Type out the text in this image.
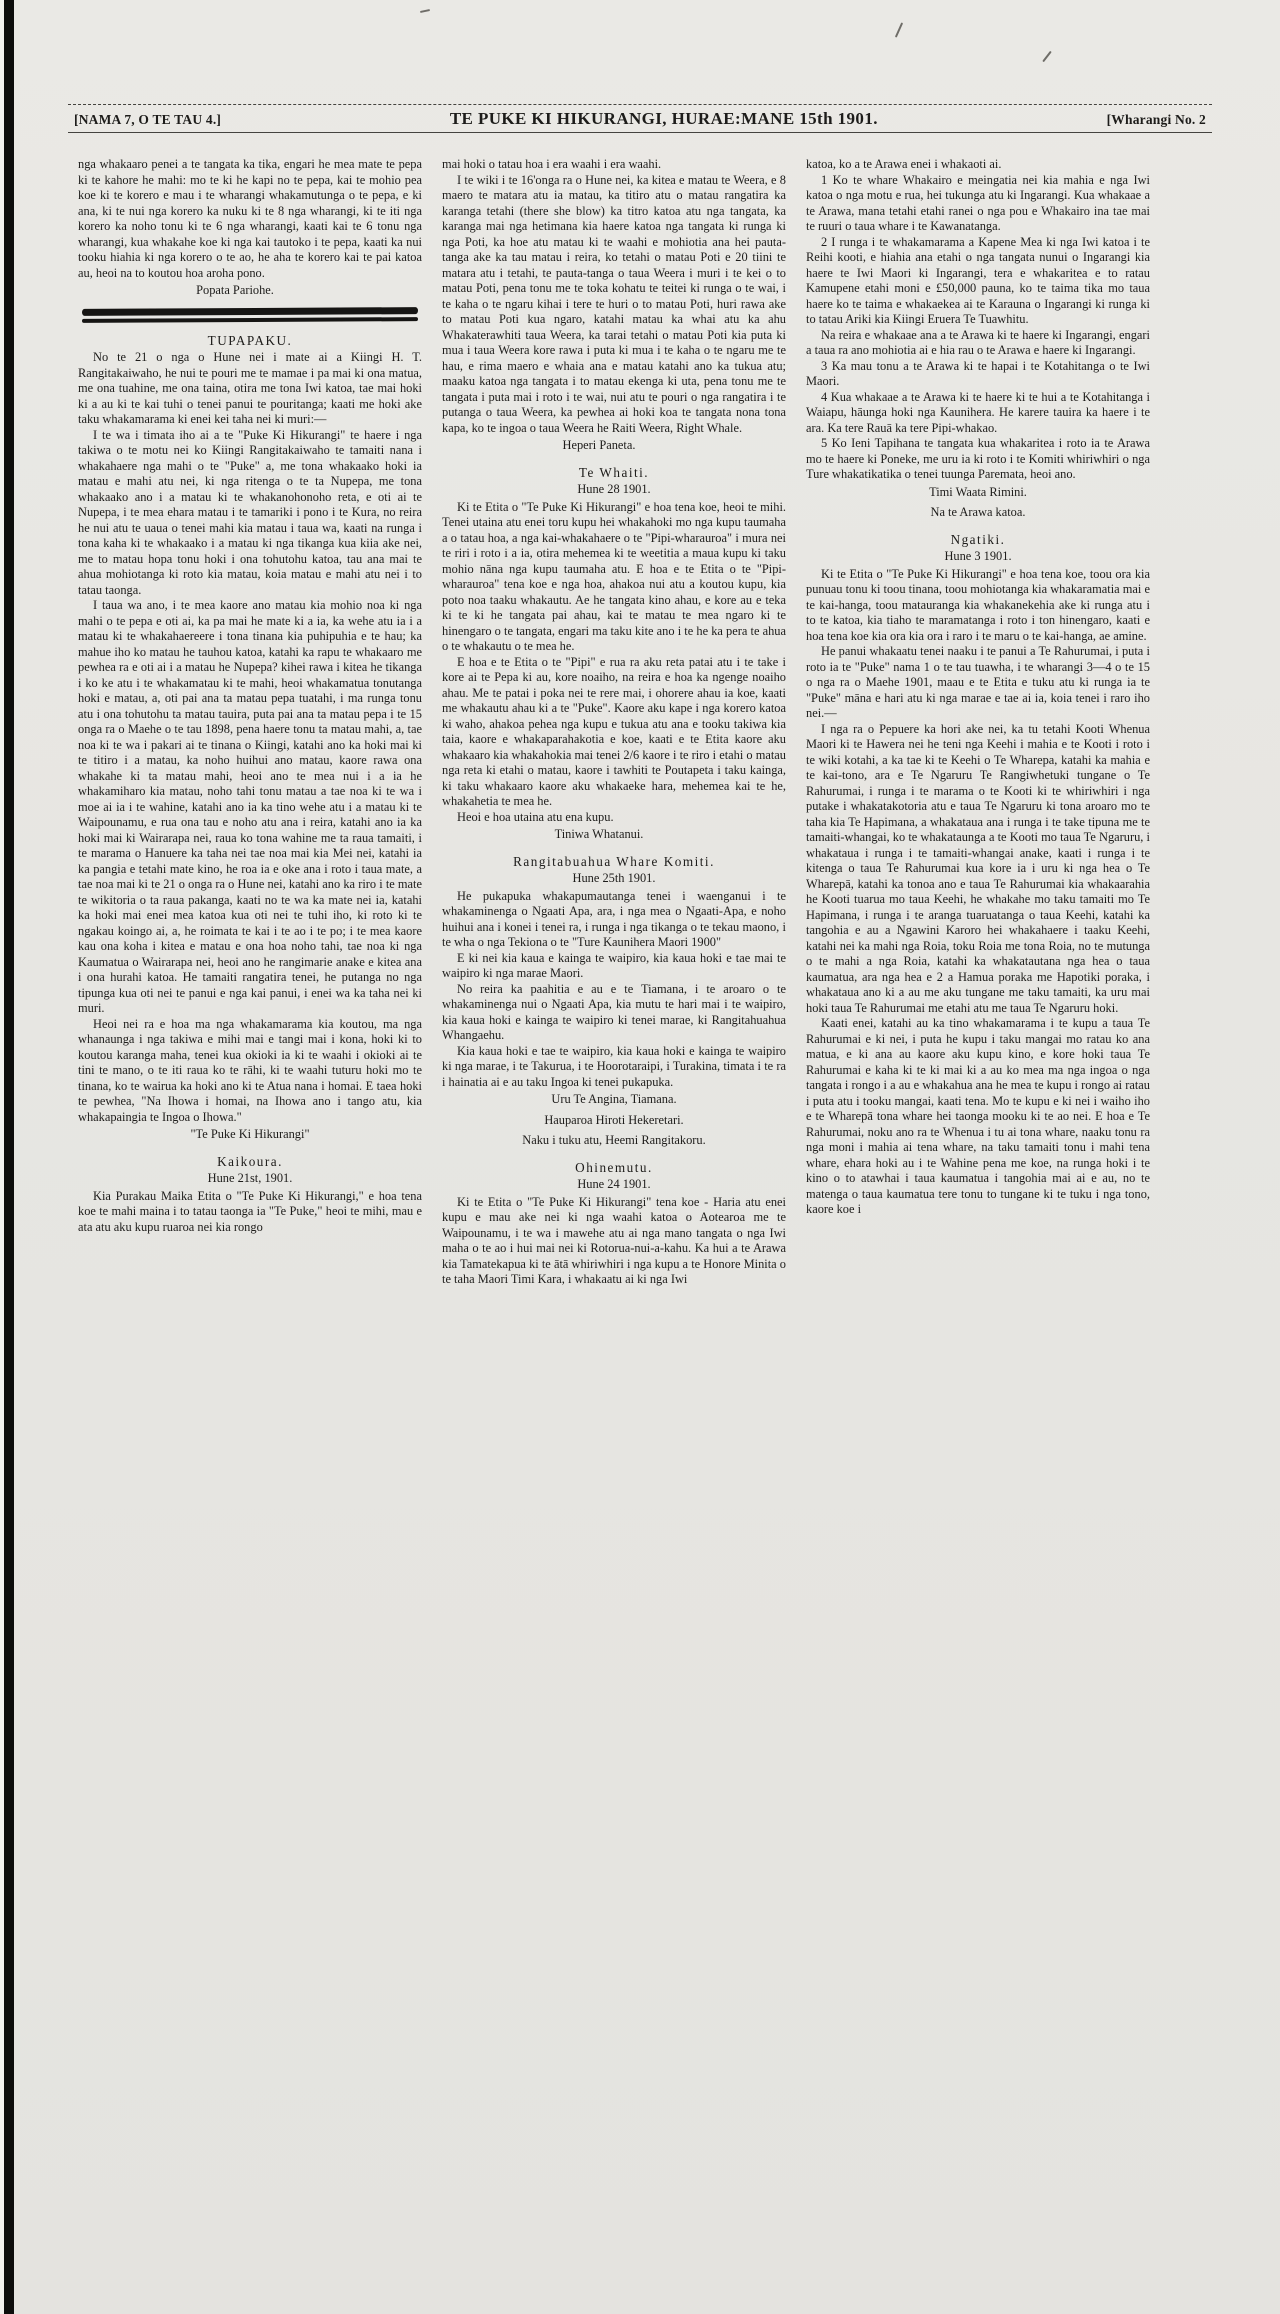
[NAMA 7, O TE TAU 4.]	TE PUKE KI HIKURANGI, HURAE:MANE 15th 1901.	[Wharangi No. 2

nga whakaaro penei a te tangata ka tika, engari he mea mate te pepa ki te kahore he mahi: mo te ki he kapi no te pepa, kai te mohio pea koe ki te korero e mau i te wharangi whakamutunga o te pepa, e ki ana, ki te nui nga korero ka nuku ki te 8 nga wharangi, ki te iti nga korero ka noho tonu ki te 6 nga wharangi, kaati kai te 6 tonu nga wharangi, kua whakahe koe ki nga kai tautoko i te pepa, kaati ka nui tooku hiahia ki nga korero o te ao, he aha te korero kai te pai katoa au, heoi na to koutou hoa aroha pono.

Popata Pariohe.

TUPAPAKU.

No te 21 o nga o Hune nei i mate ai a Kiingi H. T. Rangitakaiwaho, he nui te pouri me te mamae i pa mai ki ona matua, me ona tuahine, me ona taina, otira me tona Iwi katoa, tae mai hoki ki a au ki te kai tuhi o tenei panui te pouritanga; kaati me hoki ake taku whakamarama ki enei kei taha nei ki muri:—

I te wa i timata iho ai a te "Puke Ki Hikurangi" te haere i nga takiwa o te motu nei ko Kiingi Rangitakaiwaho te tamaiti nana i whakahaere nga mahi o te "Puke" a, me tona whakaako hoki ia matau e mahi atu nei, ki nga ritenga o te ta Nupepa, me tona whakaako ano i a matau ki te whakanohonoho reta, e oti ai te Nupepa, i te mea ehara matau i te tamariki i pono i te Kura, no reira he nui atu te uaua o tenei mahi kia matau i taua wa, kaati na runga i tona kaha ki te whakaako i a matau ki nga tikanga kua kiia ake nei, me to matau hopa tonu hoki i ona tohutohu katoa, tau ana mai te ahua mohiotanga ki roto kia matau, koia matau e mahi atu nei i to tatau taonga.

I taua wa ano, i te mea kaore ano matau kia mohio noa ki nga mahi o te pepa e oti ai, ka pa mai he mate ki a ia, ka wehe atu ia i a matau ki te whakahaereere i tona tinana kia puhipuhia e te hau; ka mahue iho ko matau he tauhou katoa, katahi ka rapu te whakaaro me pewhea ra e oti ai i a matau he Nupepa? kihei rawa i kitea he tikanga i ko ke atu i te whakamatau ki te mahi, heoi whakamatua tonutanga hoki e matau, a, oti pai ana ta matau pepa tuatahi, i ma runga tonu atu i ona tohutohu ta matau tauira, puta pai ana ta matau pepa i te 15 onga ra o Maehe o te tau 1898, pena haere tonu ta matau mahi, a, tae noa ki te wa i pakari ai te tinana o Kiingi, katahi ano ka hoki mai ki te titiro i a matau, ka noho huihui ano matau, kaore rawa ona whakahe ki ta matau mahi, heoi ano te mea nui i a ia he whakamiharo kia matau, noho tahi tonu matau a tae noa ki te wa i moe ai ia i te wahine, katahi ano ia ka tino wehe atu i a matau ki te Waipounamu, e rua ona tau e noho atu ana i reira, katahi ano ia ka hoki mai ki Wairarapa nei, raua ko tona wahine me ta raua tamaiti, i te marama o Hanuere ka taha nei tae noa mai kia Mei nei, katahi ia ka pangia e tetahi mate kino, he roa ia e oke ana i roto i taua mate, a tae noa mai ki te 21 o onga ra o Hune nei, katahi ano ka riro i te mate te wikitoria o ta raua pakanga, kaati no te wa ka mate nei ia, katahi ka hoki mai enei mea katoa kua oti nei te tuhi iho, ki roto ki te ngakau koingo ai, a, he roimata te kai i te ao i te po; i te mea kaore kau ona koha i kitea e matau e ona hoa noho tahi, tae noa ki nga Kaumatua o Wairarapa nei, heoi ano he rangimarie anake e kitea ana i ona hurahi katoa. He tamaiti rangatira tenei, he putanga no nga tipunga kua oti nei te panui e nga kai panui, i enei wa ka taha nei ki muri.

Heoi nei ra e hoa ma nga whakamarama kia koutou, ma nga whanaunga i nga takiwa e mihi mai e tangi mai i kona, hoki ki to koutou karanga maha, tenei kua okioki ia ki te waahi i okioki ai te tini te mano, o te iti raua ko te rāhi, ki te waahi tuturu hoki mo te tinana, ko te wairua ka hoki ano ki te Atua nana i homai. E taea hoki te pewhea, "Na Ihowa i homai, na Ihowa ano i tango atu, kia whakapaingia te Ingoa o Ihowa."

"Te Puke Ki Hikurangi"

Kaikoura.

Hune 21st, 1901.

Kia Purakau Maika Etita o "Te Puke Ki Hikurangi," e hoa tena koe te mahi maina i to tatau taonga ia "Te Puke," heoi te mihi, mau e ata atu aku kupu ruaroa nei kia rongo

mai hoki o tatau hoa i era waahi i era waahi.

I te wiki i te 16'onga ra o Hune nei, ka kitea e matau te Weera, e 8 maero te matara atu ia matau, ka titiro atu o matau rangatira ka karanga tetahi (there she blow) ka titro katoa atu nga tangata, ka karanga mai nga hetimana kia haere katoa nga tangata ki runga ki nga Poti, ka hoe atu matau ki te waahi e mohiotia ana hei pauta-tanga ake ka tau matau i reira, ko tetahi o matau Poti e 20 tiini te matara atu i tetahi, te pauta-tanga o taua Weera i muri i te kei o to matau Poti, pena tonu me te toka kohatu te teitei ki runga o te wai, i te kaha o te ngaru kihai i tere te huri o to matau Poti, huri rawa ake to matau Poti kua ngaro, katahi matau ka whai atu ka ahu Whakaterawhiti taua Weera, ka tarai tetahi o matau Poti kia puta ki mua i taua Weera kore rawa i puta ki mua i te kaha o te ngaru me te hau, e rima maero e whaia ana e matau katahi ano ka tukua atu; maaku katoa nga tangata i to matau ekenga ki uta, pena tonu me te tangata i puta mai i roto i te wai, nui atu te pouri o nga rangatira i te putanga o taua Weera, ka pewhea ai hoki koa te tangata nona tona kapa, ko te ingoa o taua Weera he Raiti Weera, Right Whale.

Heperi Paneta.

Te Whaiti.

Hune 28 1901.

Ki te Etita o "Te Puke Ki Hikurangi" e hoa tena koe, heoi te mihi. Tenei utaina atu enei toru kupu hei whakahoki mo nga kupu taumaha a o tatau hoa, a nga kai-whakahaere o te "Pipi-wharauroa" i mura nei te riri i roto i a ia, otira mehemea ki te weetitia a maua kupu ki taku mohio nāna nga kupu taumaha atu. E hoa e te Etita o te "Pipi-wharauroa" tena koe e nga hoa, ahakoa nui atu a koutou kupu, kia poto noa taaku whakautu. Ae he tangata kino ahau, e kore au e teka ki te ki he tangata pai ahau, kai te matau te mea ngaro ki te hinengaro o te tangata, engari ma taku kite ano i te he ka pera te ahua o te whakautu o te mea he.

E hoa e te Etita o te "Pipi" e rua ra aku reta patai atu i te take i kore ai te Pepa ki au, kore noaiho, na reira e hoa ka ngenge noaiho ahau. Me te patai i poka nei te rere mai, i ohorere ahau ia koe, kaati me whakautu ahau ki a te "Puke". Kaore aku kape i nga korero katoa ki waho, ahakoa pehea nga kupu e tukua atu ana e tooku takiwa kia taia, kaore e whakaparahakotia e koe, kaati e te Etita kaore aku whakaaro kia whakahokia mai tenei 2/6 kaore i te riro i etahi o matau nga reta ki etahi o matau, kaore i tawhiti te Poutapeta i taku kainga, ki taku whakaaro kaore aku whakaeke hara, mehemea kai te he, whakahetia te mea he.

Heoi e hoa utaina atu ena kupu.

Tiniwa Whatanui.

Rangitabuahua Whare Komiti.

Hune 25th 1901.

He pukapuka whakapumautanga tenei i waenganui i te whakaminenga o Ngaati Apa, ara, i nga mea o Ngaati-Apa, e noho huihui ana i konei i tenei ra, i runga i nga tikanga o te tekau maono, i te wha o nga Tekiona o te "Ture Kaunihera Maori 1900"

E ki nei kia kaua e kainga te waipiro, kia kaua hoki e tae mai te waipiro ki nga marae Maori.

No reira ka paahitia e au e te Tiamana, i te aroaro o te whakaminenga nui o Ngaati Apa, kia mutu te hari mai i te waipiro, kia kaua hoki e kainga te waipiro ki tenei marae, ki Rangitahuahua Whangaehu.

Kia kaua hoki e tae te waipiro, kia kaua hoki e kainga te waipiro ki nga marae, i te Takurua, i te Hoorotaraipi, i Turakina, timata i te ra i hainatia ai e au taku Ingoa ki tenei pukapuka.

Uru Te Angina, Tiamana.

Hauparoa Hiroti Hekeretari.

Naku i tuku atu, Heemi Rangitakoru.

Ohinemutu.

Hune 24 1901.

Ki te Etita o "Te Puke Ki Hikurangi" tena koe - Haria atu enei kupu e mau ake nei ki nga waahi katoa o Aotearoa me te Waipounamu, i te wa i mawehe atu ai nga mano tangata o nga Iwi maha o te ao i hui mai nei ki Rotorua-nui-a-kahu. Ka hui a te Arawa kia Tamatekapua ki te ātā whiriwhiri i nga kupu a te Honore Minita o te taha Maori Timi Kara, i whakaatu ai ki nga Iwi

katoa, ko a te Arawa enei i whakaoti ai.

1 Ko te whare Whakairo e meingatia nei kia mahia e nga Iwi katoa o nga motu e rua, hei tukunga atu ki Ingarangi. Kua whakaae a te Arawa, mana tetahi etahi ranei o nga pou e Whakairo ina tae mai te ruuri o taua whare i te Kawanatanga.

2 I runga i te whakamarama a Kapene Mea ki nga Iwi katoa i te Reihi kooti, e hiahia ana etahi o nga tangata nunui o Ingarangi kia haere te Iwi Maori ki Ingarangi, tera e whakaritea e to ratau Kamupene etahi moni e £50,000 pauna, ko te taima tika mo taua haere ko te taima e whakaekea ai te Karauna o Ingarangi ki runga ki to tatau Ariki kia Kiingi Eruera Te Tuawhitu.

Na reira e whakaae ana a te Arawa ki te haere ki Ingarangi, engari a taua ra ano mohiotia ai e hia rau o te Arawa e haere ki Ingarangi.

3 Ka mau tonu a te Arawa ki te hapai i te Kotahitanga o te Iwi Maori.

4 Kua whakaae a te Arawa ki te haere ki te hui a te Kotahitanga i Waiapu, hāunga hoki nga Kaunihera. He karere tauira ka haere i te ara. Ka tere Rauā ka tere Pipi-whakao.

5 Ko Ieni Tapihana te tangata kua whakaritea i roto ia te Arawa mo te haere ki Poneke, me uru ia ki roto i te Komiti whiriwhiri o nga Ture whakatikatika o tenei tuunga Paremata, heoi ano.

Timi Waata Rimini.

Na te Arawa katoa.

Ngatiki.

Hune 3 1901.

Ki te Etita o "Te Puke Ki Hikurangi" e hoa tena koe, toou ora kia punuau tonu ki toou tinana, toou mohiotanga kia whakaramatia mai e te kai-hanga, toou matauranga kia whakanekehia ake ki runga atu i to te katoa, kia tiaho te maramatanga i roto i ton hinengaro, kaati e hoa tena koe kia ora kia ora i raro i te maru o te kai-hanga, ae amine.

He panui whakaatu tenei naaku i te panui a Te Rahurumai, i puta i roto ia te "Puke" nama 1 o te tau tuawha, i te wharangi 3—4 o te 15 o nga ra o Maehe 1901, maau e te Etita e tuku atu ki runga ia te "Puke" māna e hari atu ki nga marae e tae ai ia, koia tenei i raro iho nei.—

I nga ra o Pepuere ka hori ake nei, ka tu tetahi Kooti Whenua Maori ki te Hawera nei he teni nga Keehi i mahia e te Kooti i roto i te wiki kotahi, a ka tae ki te Keehi o Te Wharepa, katahi ka mahia e te kai-tono, ara e Te Ngaruru Te Rangiwhetuki tungane o Te Rahurumai, i runga i te marama o te Kooti ki te whiriwhiri i nga putake i whakatakotoria atu e taua Te Ngaruru ki tona aroaro mo te taha kia Te Hapimana, a whakataua ana i runga i te take tipuna me te tamaiti-whangai, ko te whakataunga a te Kooti mo taua Te Ngaruru, i whakataua i runga i te tamaiti-whangai anake, kaati i runga i te kitenga o taua Te Rahurumai kua kore ia i uru ki nga hea o Te Wharepā, katahi ka tonoa ano e taua Te Rahurumai kia whakaarahia he Kooti tuarua mo taua Keehi, he whakahe mo taku tamaiti mo Te Hapimana, i runga i te aranga tuaruatanga o taua Keehi, katahi ka tangohia e au a Ngawini Karoro hei whakahaere i taaku Keehi, katahi nei ka mahi nga Roia, toku Roia me tona Roia, no te mutunga o te mahi a nga Roia, katahi ka whakatautana nga hea o taua kaumatua, ara nga hea e 2 a Hamua poraka me Hapotiki poraka, i whakataua ano ki a au me aku tungane me taku tamaiti, ka uru mai hoki taua Te Rahurumai me etahi atu me taua Te Ngaruru hoki.

Kaati enei, katahi au ka tino whakamarama i te kupu a taua Te Rahurumai e ki nei, i puta he kupu i taku mangai mo ratau ko ana matua, e ki ana au kaore aku kupu kino, e kore hoki taua Te Rahurumai e kaha ki te ki mai ki a au ko mea ma nga ingoa o nga tangata i rongo i a au e whakahua ana he mea te kupu i rongo ai ratau i puta atu i tooku mangai, kaati tena. Mo te kupu e ki nei i waiho iho e te Wharepā tona whare hei taonga mooku ki te ao nei. E hoa e Te Rahurumai, noku ano ra te Whenua i tu ai tona whare, naaku tonu ra nga moni i mahia ai tena whare, na taku tamaiti tonu i mahi tena whare, ehara hoki au i te Wahine pena me koe, na runga hoki i te kino o to atawhai i taua kaumatua i tangohia mai ai e au, no te matenga o taua kaumatua tere tonu to tungane ki te tuku i nga tono, kaore koe i
